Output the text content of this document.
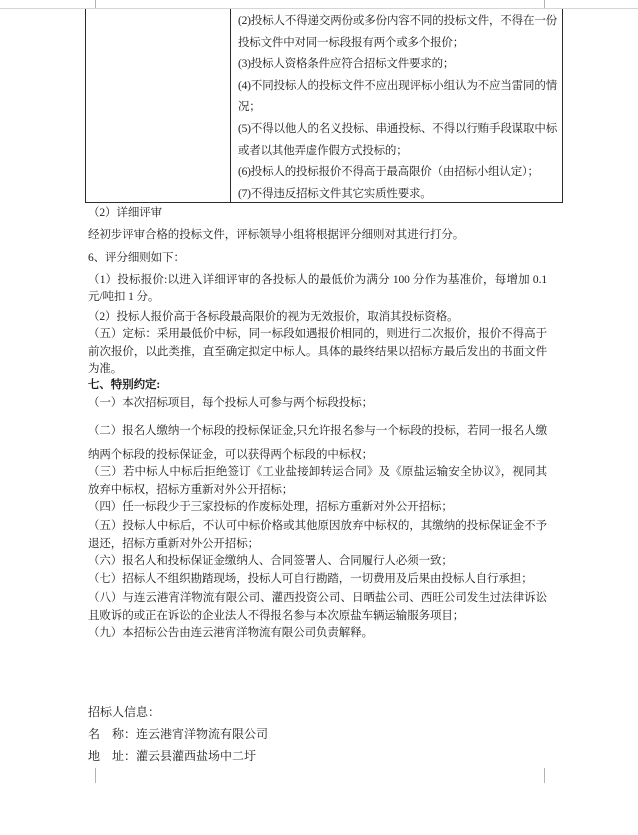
(2)投标人不得递交两份或多份内容不同的投标文件，不得在一份投标文件中对同一标段报有两个或多个报价；

(3)投标人资格条件应符合招标文件要求的；

(4)不同投标人的投标文件不应出现评标小组认为不应当雷同的情况；

(5)不得以他人的名义投标、串通投标、不得以行贿手段谋取中标或者以其他弄虚作假方式投标的；

(6)投标人的投标报价不得高于最高限价（由招标小组认定）；

(7)不得违反招标文件其它实质性要求。

（2）详细评审

经初步评审合格的投标文件，评标领导小组将根据评分细则对其进行打分。

6、评分细则如下：

（1）投标报价:以进入详细评审的各投标人的最低价为满分 100 分作为基准价，每增加 0.1 元/吨扣 1 分。

（2）投标人报价高于各标段最高限价的视为无效报价，取消其投标资格。

（五）定标：采用最低价中标，同一标段如遇报价相同的，则进行二次报价，报价不得高于前次报价，以此类推，直至确定拟定中标人。具体的最终结果以招标方最后发出的书面文件为准。

七、特别约定:

（一）本次招标项目，每个投标人可参与两个标段投标；

（二）报名人缴纳一个标段的投标保证金,只允许报名参与一个标段的投标，若同一报名人缴纳两个标段的投标保证金，可以获得两个标段的中标权；

（三）若中标人中标后拒绝签订《工业盐接卸转运合同》及《原盐运输安全协议》，视同其放弃中标权，招标方重新对外公开招标；

（四）任一标段少于三家投标的作废标处理，招标方重新对外公开招标；

（五）投标人中标后，不认可中标价格或其他原因放弃中标权的，其缴纳的投标保证金不予退还，招标方重新对外公开招标；

（六）报名人和投标保证金缴纳人、合同签署人、合同履行人必须一致；

（七）招标人不组织勘踏现场，投标人可自行勘踏，一切费用及后果由投标人自行承担；

（八）与连云港宵洋物流有限公司、灌西投资公司、日晒盐公司、西旺公司发生过法律诉讼且败诉的或正在诉讼的企业法人不得报名参与本次原盐车辆运输服务项目；

（九）本招标公告由连云港宵洋物流有限公司负责解释。

招标人信息：

名　称：连云港宵洋物流有限公司

地　址：灌云县灌西盐场中二圩
